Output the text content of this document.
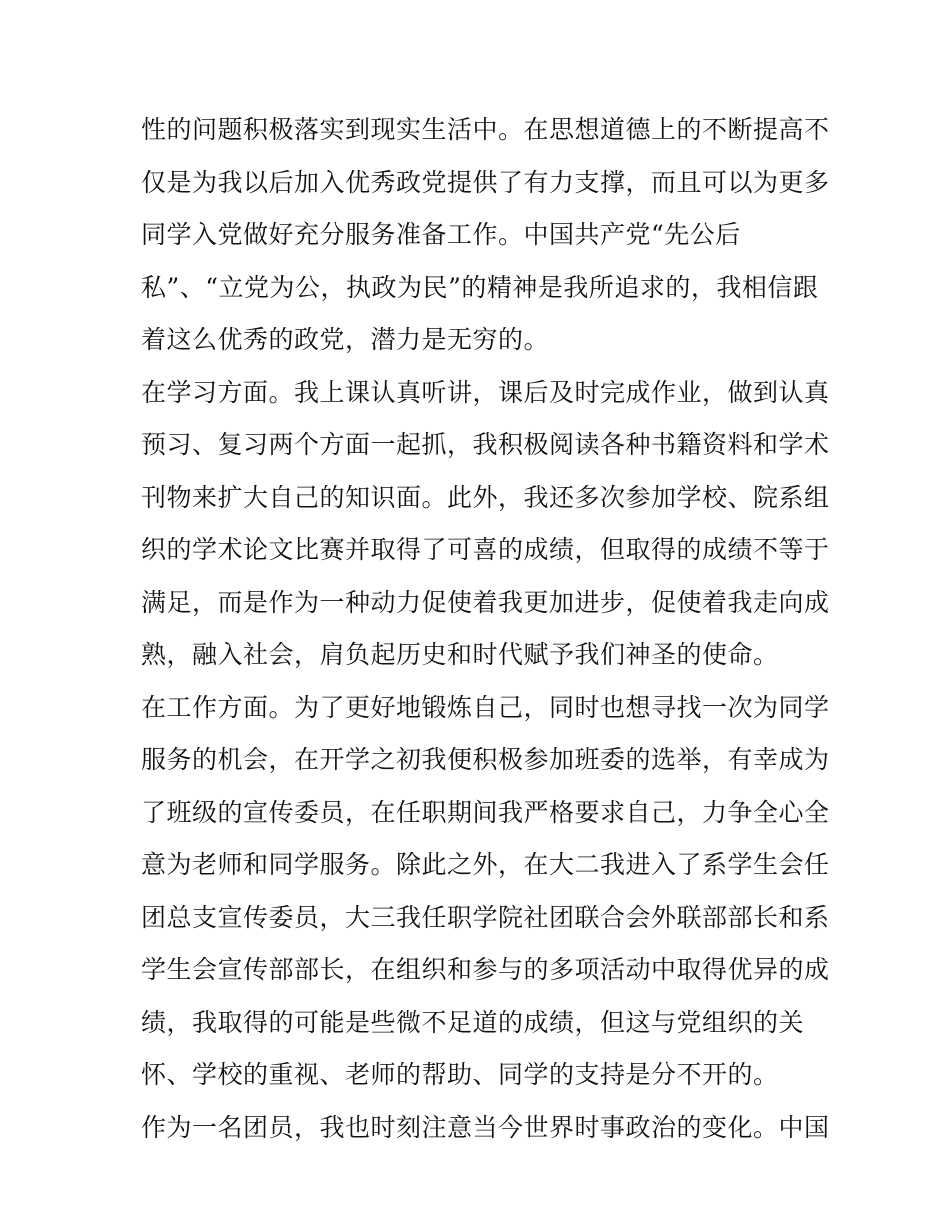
性的问题积极落实到现实生活中。在思想道德上的不断提高不
仅是为我以后加入优秀政党提供了有力支撑，而且可以为更多
同学入党做好充分服务准备工作。中国共产党“先公后
私”、“立党为公，执政为民”的精神是我所追求的，我相信跟
着这么优秀的政党，潜力是无穷的。
在学习方面。我上课认真听讲，课后及时完成作业，做到认真
预习、复习两个方面一起抓，我积极阅读各种书籍资料和学术
刊物来扩大自己的知识面。此外，我还多次参加学校、院系组
织的学术论文比赛并取得了可喜的成绩，但取得的成绩不等于
满足，而是作为一种动力促使着我更加进步，促使着我走向成
熟，融入社会，肩负起历史和时代赋予我们神圣的使命。
在工作方面。为了更好地锻炼自己，同时也想寻找一次为同学
服务的机会，在开学之初我便积极参加班委的选举，有幸成为
了班级的宣传委员，在任职期间我严格要求自己，力争全心全
意为老师和同学服务。除此之外，在大二我进入了系学生会任
团总支宣传委员，大三我任职学院社团联合会外联部部长和系
学生会宣传部部长，在组织和参与的多项活动中取得优异的成
绩，我取得的可能是些微不足道的成绩，但这与党组织的关
怀、学校的重视、老师的帮助、同学的支持是分不开的。
作为一名团员，我也时刻注意当今世界时事政治的变化。中国
